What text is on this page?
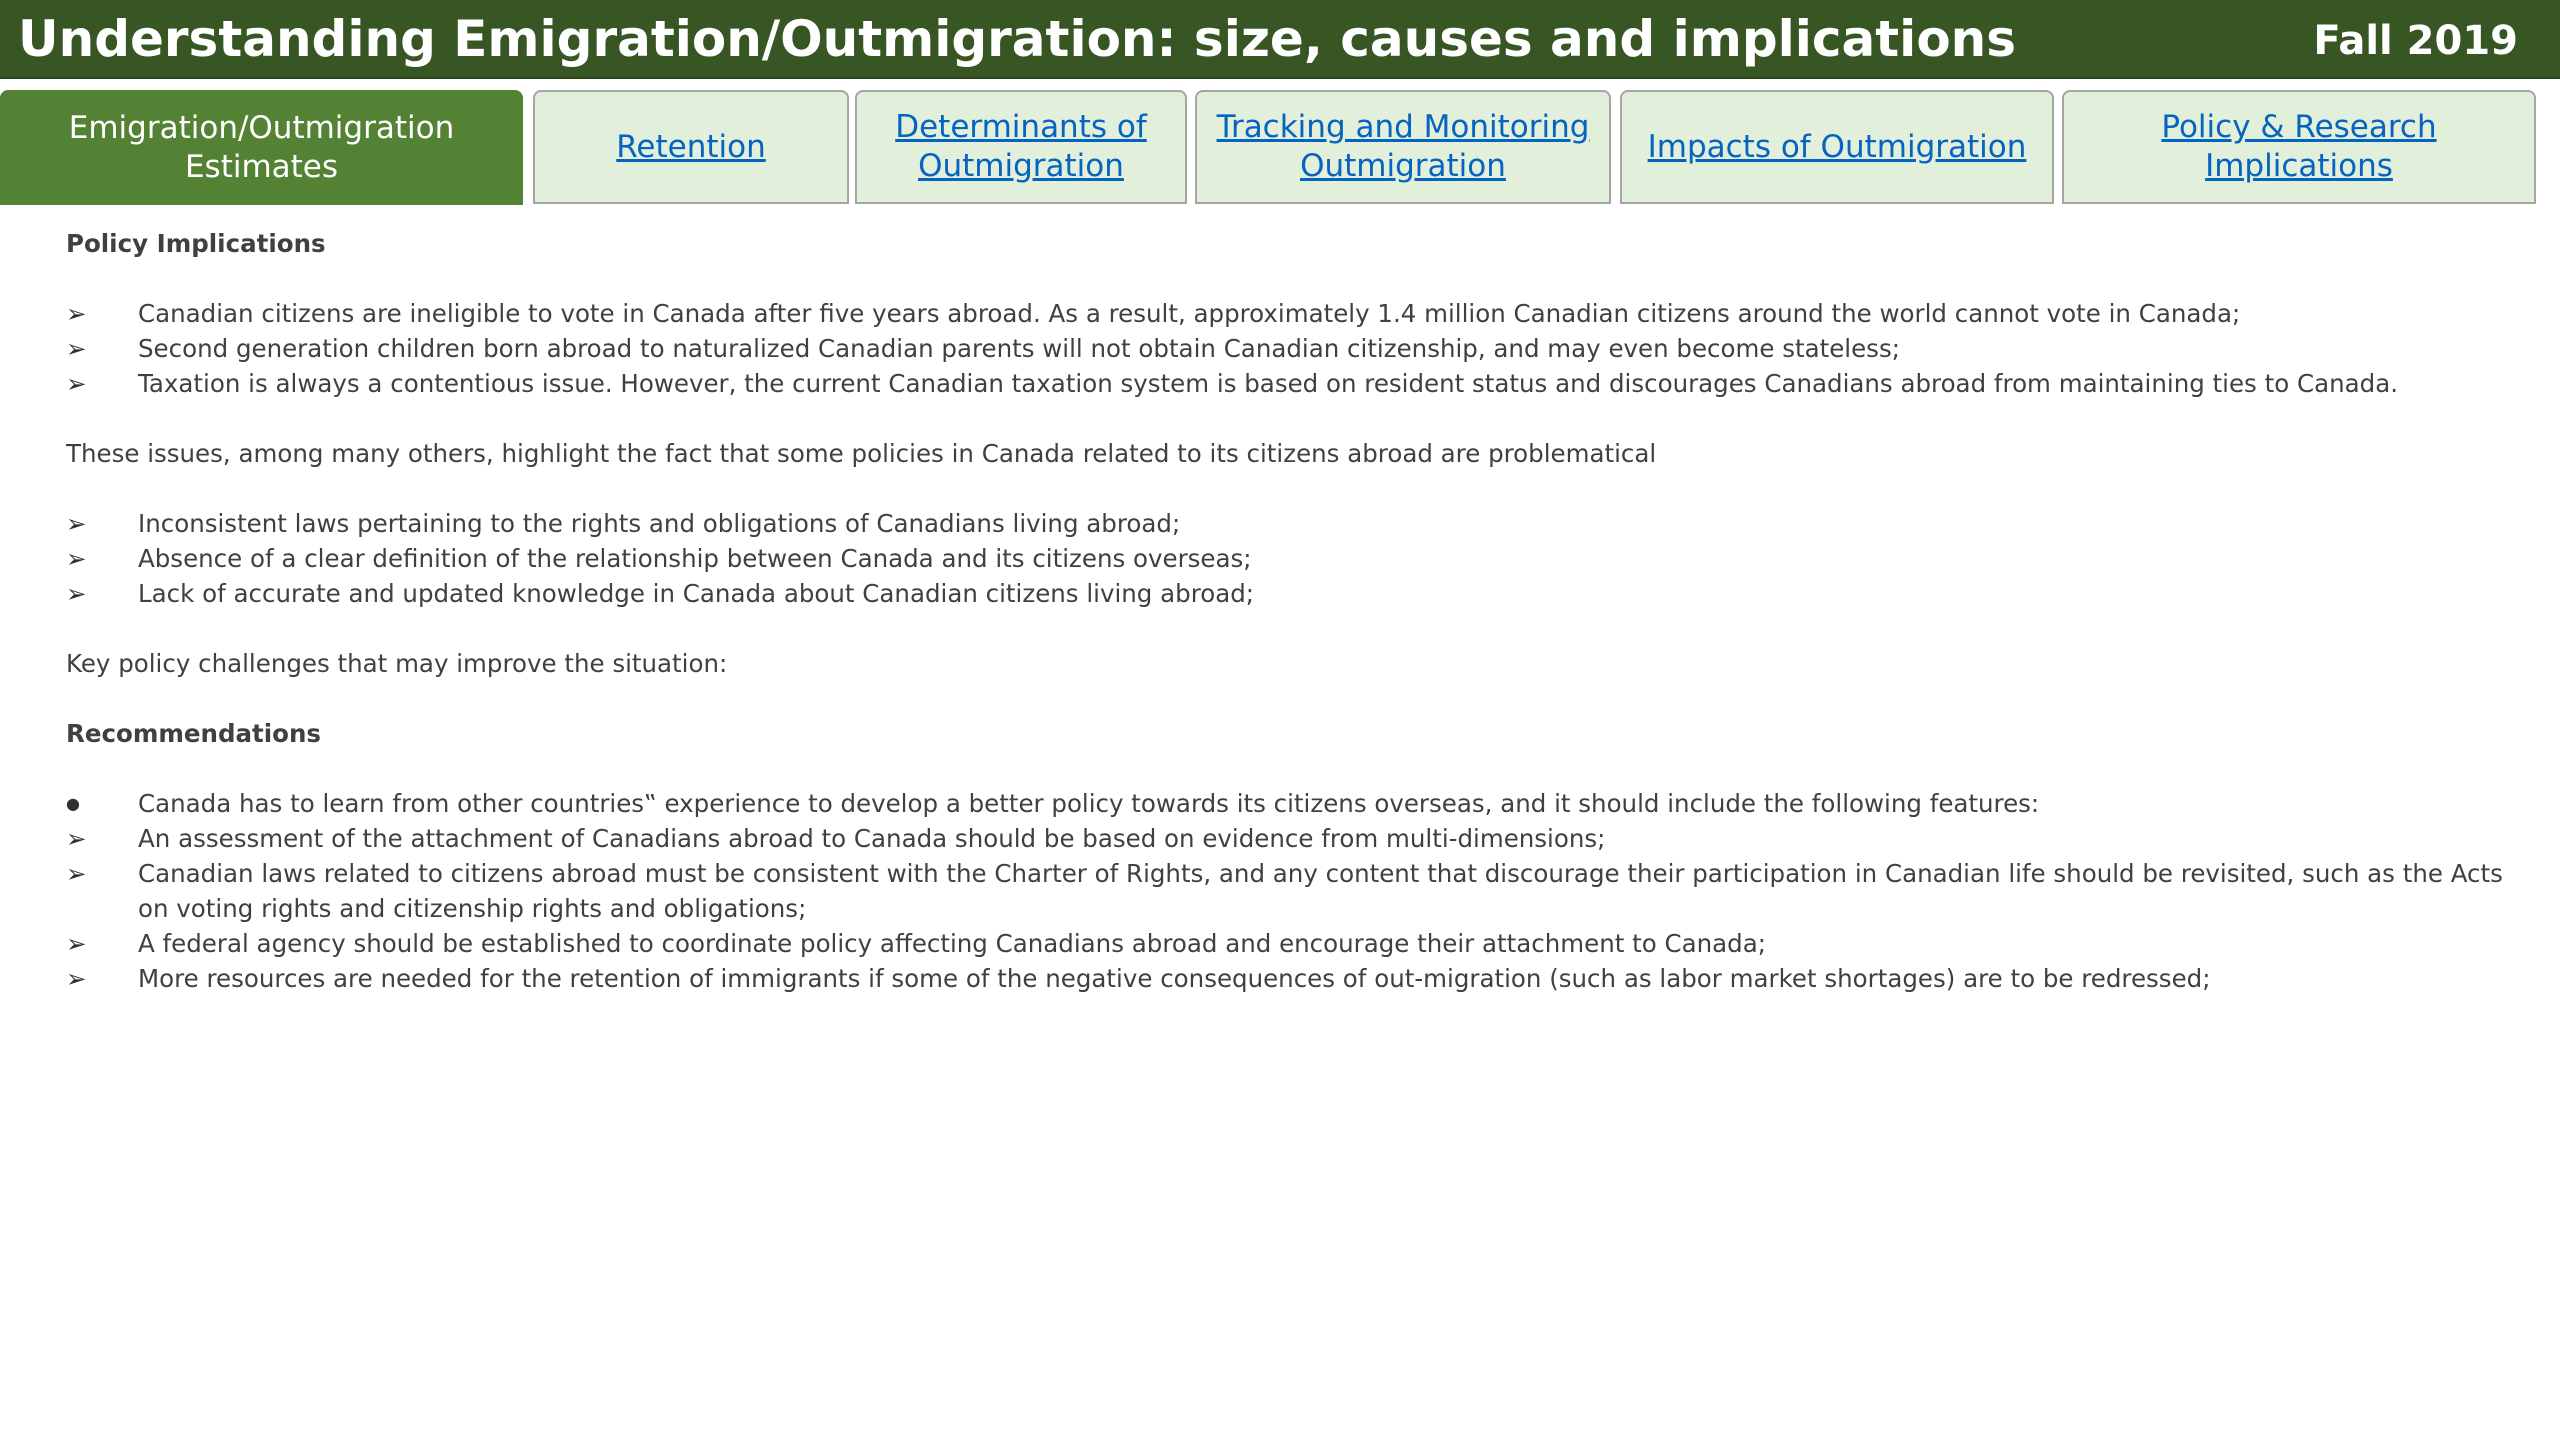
Understanding Emigration/Outmigration: size, causes and implications	Fall 2019
Emigration/Outmigration
Estimates
Retention
Determinants of
Outmigration
Tracking and Monitoring
Outmigration
Impacts of Outmigration
Policy & Research
Implications

Policy Implications

➢	Canadian citizens are ineligible to vote in Canada after five years abroad. As a result, approximately 1.4 million Canadian citizens around the world cannot vote in Canada;
➢	Second generation children born abroad to naturalized Canadian parents will not obtain Canadian citizenship, and may even become stateless;
➢	Taxation is always a contentious issue. However, the current Canadian taxation system is based on resident status and discourages Canadians abroad from maintaining ties to Canada.

These issues, among many others, highlight the fact that some policies in Canada related to its citizens abroad are problematical

➢	Inconsistent laws pertaining to the rights and obligations of Canadians living abroad;
➢	Absence of a clear definition of the relationship between Canada and its citizens overseas;
➢	Lack of accurate and updated knowledge in Canada about Canadian citizens living abroad;

Key policy challenges that may improve the situation:

Recommendations

●	Canada has to learn from other countries‟ experience to develop a better policy towards its citizens overseas, and it should include the following features:
➢	An assessment of the attachment of Canadians abroad to Canada should be based on evidence from multi-dimensions;
➢	Canadian laws related to citizens abroad must be consistent with the Charter of Rights, and any content that discourage their participation in Canadian life should be revisited, such as the Acts on voting rights and citizenship rights and obligations;
➢	A federal agency should be established to coordinate policy affecting Canadians abroad and encourage their attachment to Canada;
➢	More resources are needed for the retention of immigrants if some of the negative consequences of out-migration (such as labor market shortages) are to be redressed;
